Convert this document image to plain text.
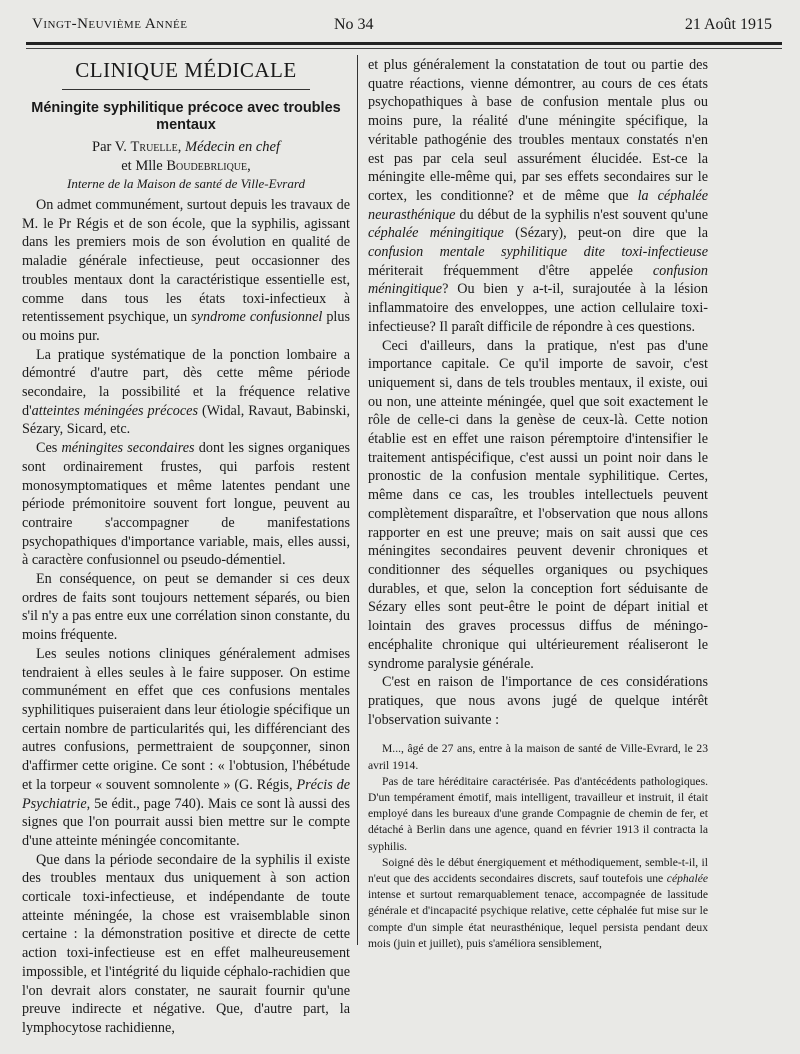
Vingt-Neuvième Année	No 34	21 Août 1915
CLINIQUE MÉDICALE
Méningite syphilitique précoce avec troubles mentaux
Par V. Truelle, Médecin en chef
et Mlle Boudebrlique,
Interne de la Maison de santé de Ville-Evrard

On admet communément, surtout depuis les travaux de M. le Pr Régis et de son école, que la syphilis, agissant dans les premiers mois de son évolution en qualité de maladie générale infectieuse, peut occasionner des troubles mentaux dont la caractéristique essentielle est, comme dans tous les états toxi-infectieux à retentissement psychique, un syndrome confusionnel plus ou moins pur.

La pratique systématique de la ponction lombaire a démontré d'autre part, dès cette même période secondaire, la possibilité et la fréquence relative d'atteintes méningées précoces (Widal, Ravaut, Babinski, Sézary, Sicard, etc.

Ces méningites secondaires dont les signes organiques sont ordinairement frustes, qui parfois restent monosymptomatiques et même latentes pendant une période prémonitoire souvent fort longue, peuvent au contraire s'accompagner de manifestations psychopathiques d'importance variable, mais, elles aussi, à caractère confusionnel ou pseudo-démentiel.

En conséquence, on peut se demander si ces deux ordres de faits sont toujours nettement séparés, ou bien s'il n'y a pas entre eux une corrélation sinon constante, du moins fréquente.

Les seules notions cliniques généralement admises tendraient à elles seules à le faire supposer. On estime communément en effet que ces confusions mentales syphilitiques puiseraient dans leur étiologie spécifique un certain nombre de particularités qui, les différenciant des autres confusions, permettraient de soupçonner, sinon d'affirmer cette origine. Ce sont : « l'obtusion, l'hébétude et la torpeur « souvent somnolente » (G. Régis, Précis de Psychiatrie, 5e édit., page 740). Mais ce sont là aussi des signes que l'on pourrait aussi bien mettre sur le compte d'une atteinte méningée concomitante.

Que dans la période secondaire de la syphilis il existe des troubles mentaux dus uniquement à son action corticale toxi-infectieuse, et indépendante de toute atteinte méningée, la chose est vraisemblable sinon certaine : la démonstration positive et directe de cette action toxi-infectieuse est en effet malheureusement impossible, et l'intégrité du liquide céphalo-rachidien que l'on devrait alors constater, ne saurait fournir qu'une preuve indirecte et négative. Que, d'autre part, la lymphocytose rachidienne,

et plus généralement la constatation de tout ou partie des quatre réactions, vienne démontrer, au cours de ces états psychopathiques à base de confusion mentale plus ou moins pure, la réalité d'une méningite spécifique, la véritable pathogénie des troubles mentaux constatés n'en est pas par cela seul assurément élucidée. Est-ce la méningite elle-même qui, par ses effets secondaires sur le cortex, les conditionne? et de même que la céphalée neurasthénique du début de la syphilis n'est souvent qu'une céphalée méningitique (Sézary), peut-on dire que la confusion mentale syphilitique dite toxi-infectieuse mériterait fréquemment d'être appelée confusion méningitique? Ou bien y a-t-il, surajoutée à la lésion inflammatoire des enveloppes, une action cellulaire toxi-infectieuse? Il paraît difficile de répondre à ces questions.

Ceci d'ailleurs, dans la pratique, n'est pas d'une importance capitale. Ce qu'il importe de savoir, c'est uniquement si, dans de tels troubles mentaux, il existe, oui ou non, une atteinte méningée, quel que soit exactement le rôle de celle-ci dans la genèse de ceux-là. Cette notion établie est en effet une raison péremptoire d'intensifier le traitement antispécifique, c'est aussi un point noir dans le pronostic de la confusion mentale syphilitique. Certes, même dans ce cas, les troubles intellectuels peuvent complètement disparaître, et l'observation que nous allons rapporter en est une preuve; mais on sait aussi que ces méningites secondaires peuvent devenir chroniques et conditionner des séquelles organiques ou psychiques durables, et que, selon la conception fort séduisante de Sézary elles sont peut-être le point de départ initial et lointain des graves processus diffus de méningo-encéphalite chronique qui ultérieurement réaliseront le syndrome paralysie générale.

C'est en raison de l'importance de ces considérations pratiques, que nous avons jugé de quelque intérêt l'observation suivante :

M..., âgé de 27 ans, entre à la maison de santé de Ville-Evrard, le 23 avril 1914.

Pas de tare héréditaire caractérisée. Pas d'antécédents pathologiques. D'un tempérament émotif, mais intelligent, travailleur et instruit, il était employé dans les bureaux d'une grande Compagnie de chemin de fer, et détaché à Berlin dans une agence, quand en février 1913 il contracta la syphilis.

Soigné dès le début énergiquement et méthodiquement, semble-t-il, il n'eut que des accidents secondaires discrets, sauf toutefois une céphalée intense et surtout remarquablement tenace, accompagnée de lassitude générale et d'incapacité psychique relative, cette céphalée fut mise sur le compte d'un simple état neurasthénique, lequel persista pendant deux mois (juin et juillet), puis s'améliora sensiblement,
